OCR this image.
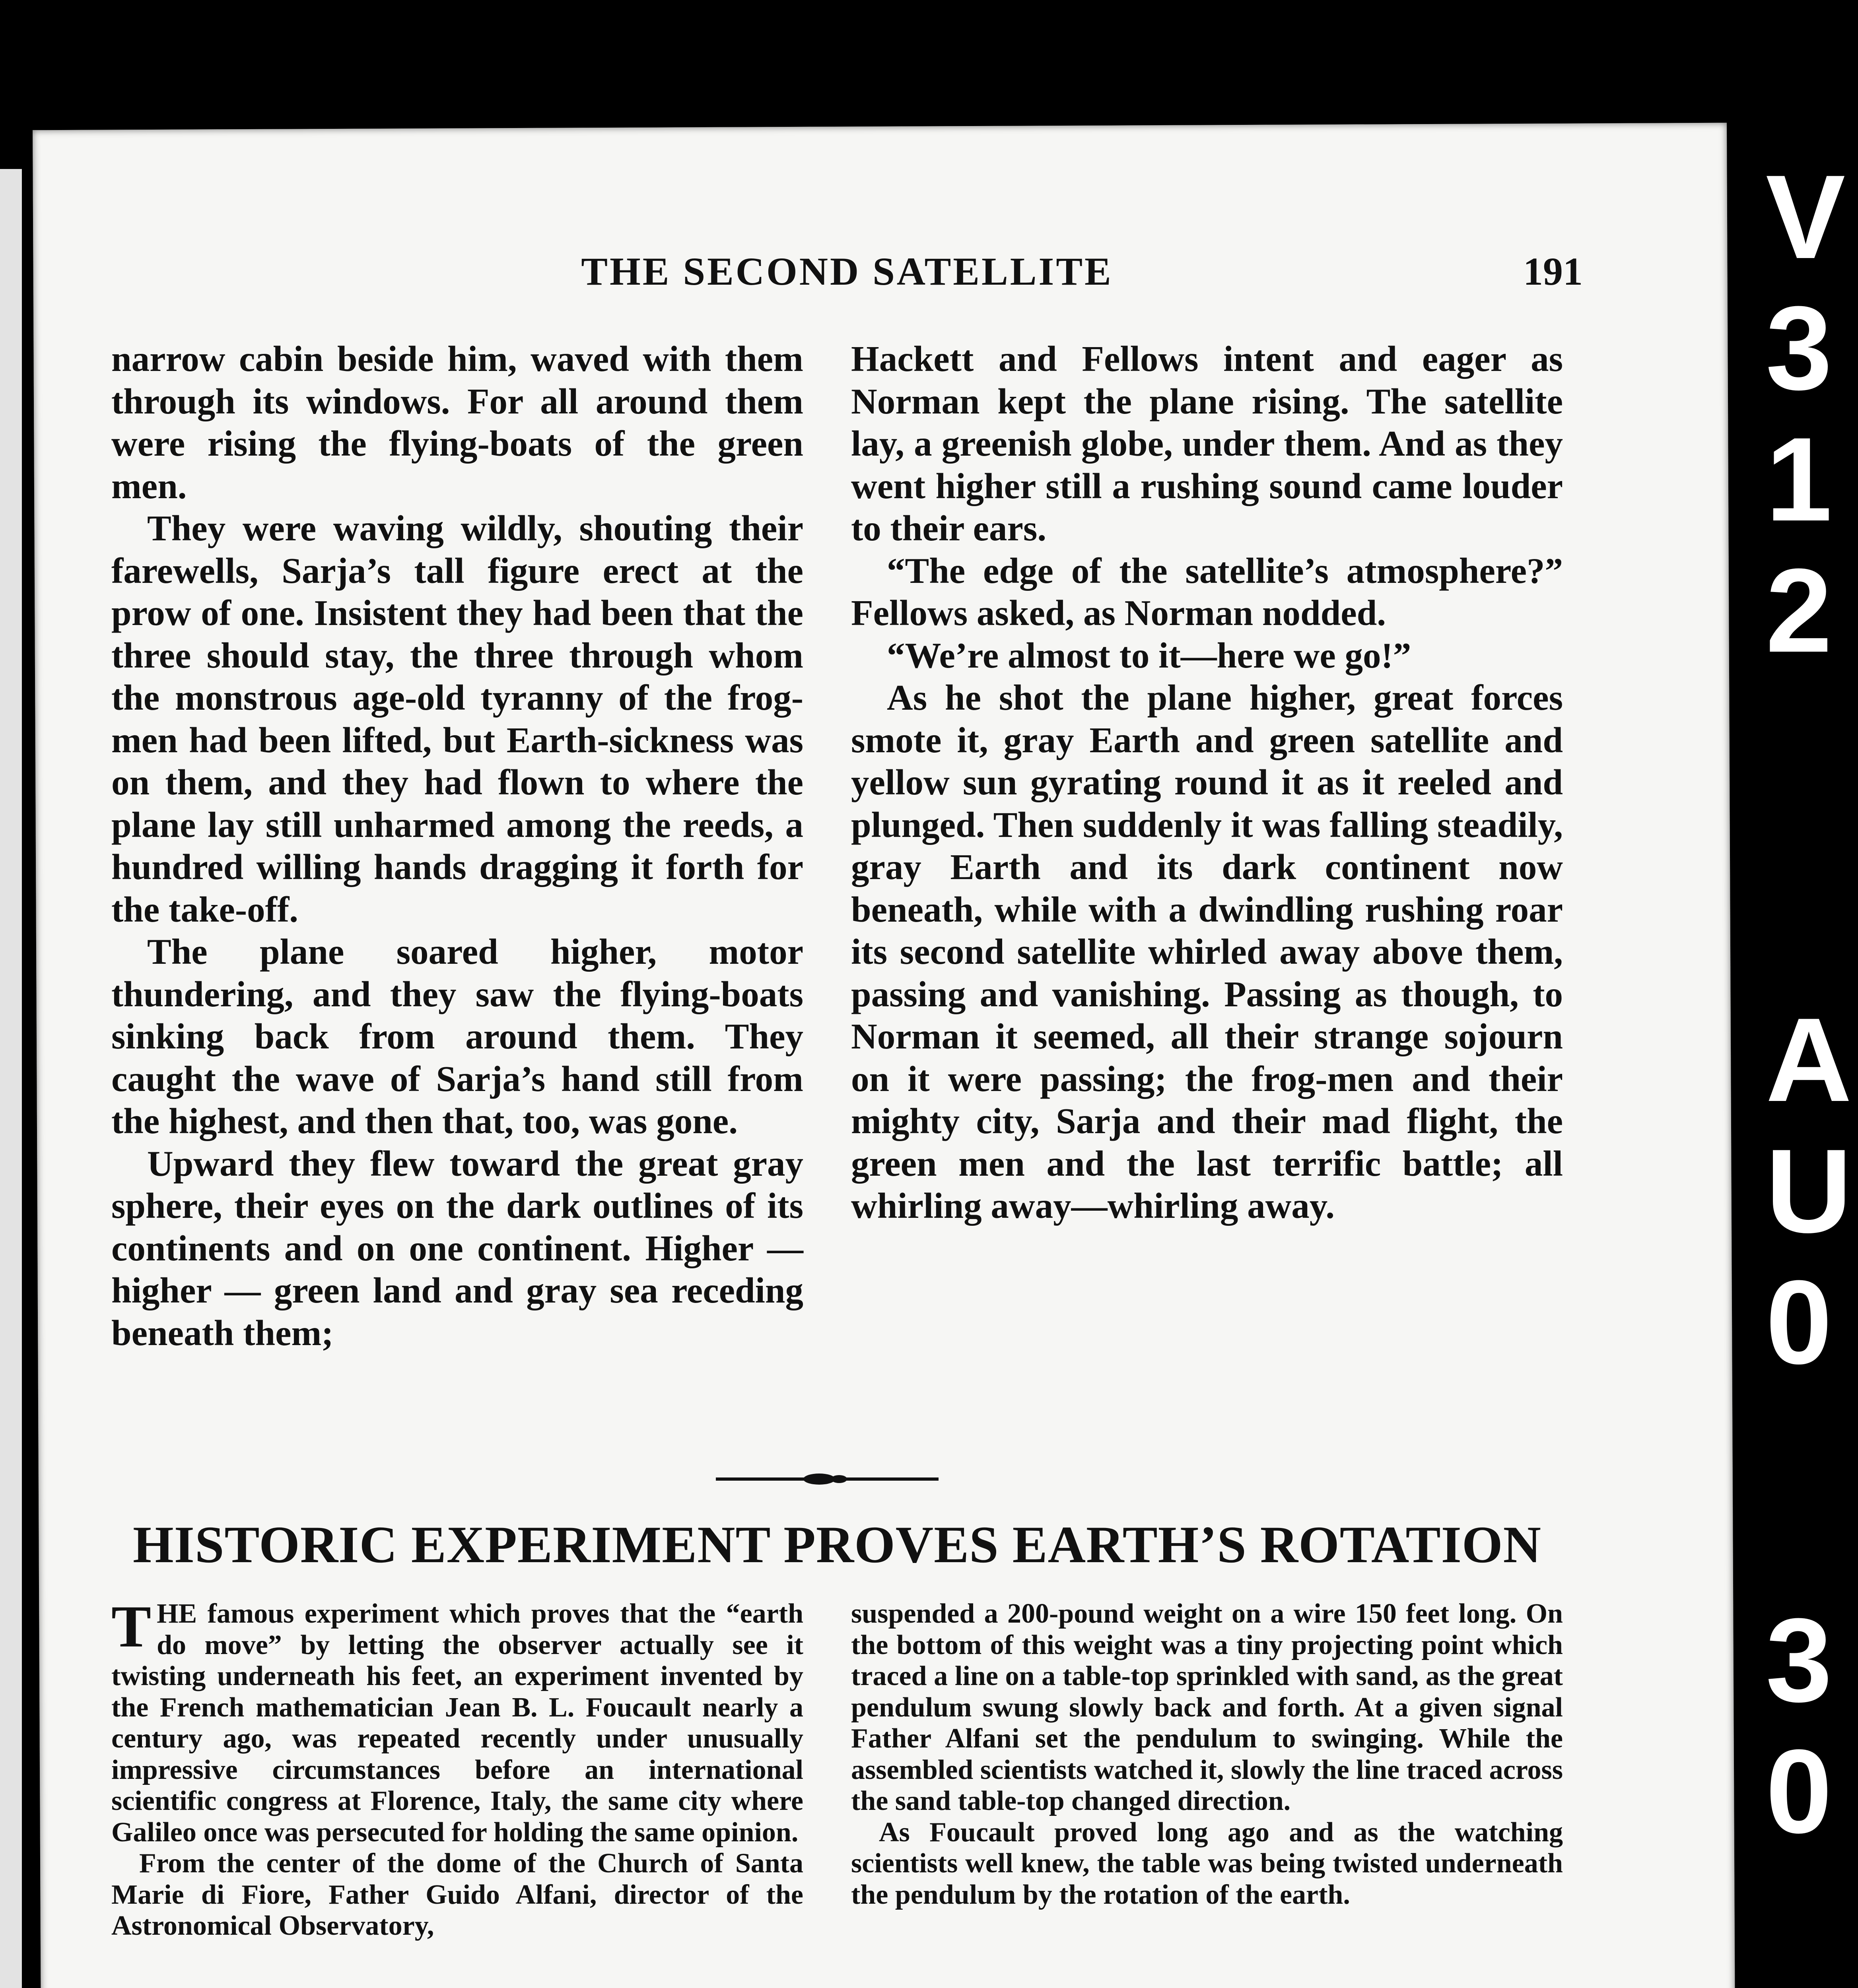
THE SECOND SATELLITE	191

narrow cabin beside him, waved with them through its windows. For all around them were rising the flying-boats of the green men.

They were waving wildly, shouting their farewells, Sarja’s tall figure erect at the prow of one. Insistent they had been that the three should stay, the three through whom the monstrous age-old tyranny of the frog-men had been lifted, but Earth-sickness was on them, and they had flown to where the plane lay still unharmed among the reeds, a hundred willing hands dragging it forth for the take-off.

The plane soared higher, motor thundering, and they saw the flying-boats sinking back from around them. They caught the wave of Sarja’s hand still from the highest, and then that, too, was gone.

Upward they flew toward the great gray sphere, their eyes on the dark outlines of its continents and on one continent. Higher — higher — green land and gray sea receding beneath them;

Hackett and Fellows intent and eager as Norman kept the plane rising. The satellite lay, a greenish globe, under them. And as they went higher still a rushing sound came louder to their ears.

“The edge of the satellite’s atmosphere?” Fellows asked, as Norman nodded.

“We’re almost to it—here we go!”

As he shot the plane higher, great forces smote it, gray Earth and green satellite and yellow sun gyrating round it as it reeled and plunged. Then suddenly it was falling steadily, gray Earth and its dark continent now beneath, while with a dwindling rushing roar its second satellite whirled away above them, passing and vanishing. Passing as though, to Norman it seemed, all their strange sojourn on it were passing; the frog-men and their mighty city, Sarja and their mad flight, the green men and the last terrific battle; all whirling away—whirling away.

HISTORIC EXPERIMENT PROVES EARTH’S ROTATION

THE famous experiment which proves that the “earth do move” by letting the observer actually see it twisting underneath his feet, an experiment invented by the French mathematician Jean B. L. Foucault nearly a century ago, was repeated recently under unusually impressive circumstances before an international scientific congress at Florence, Italy, the same city where Galileo once was persecuted for holding the same opinion.

From the center of the dome of the Church of Santa Marie di Fiore, Father Guido Alfani, director of the Astronomical Observatory,

suspended a 200-pound weight on a wire 150 feet long. On the bottom of this weight was a tiny projecting point which traced a line on a table-top sprinkled with sand, as the great pendulum swung slowly back and forth. At a given signal Father Alfani set the pendulum to swinging. While the assembled scientists watched it, slowly the line traced across the sand table-top changed direction.

As Foucault proved long ago and as the watching scientists well knew, the table was being twisted underneath the pendulum by the rotation of the earth.

V
3
1
2
A
U
0
3
0
